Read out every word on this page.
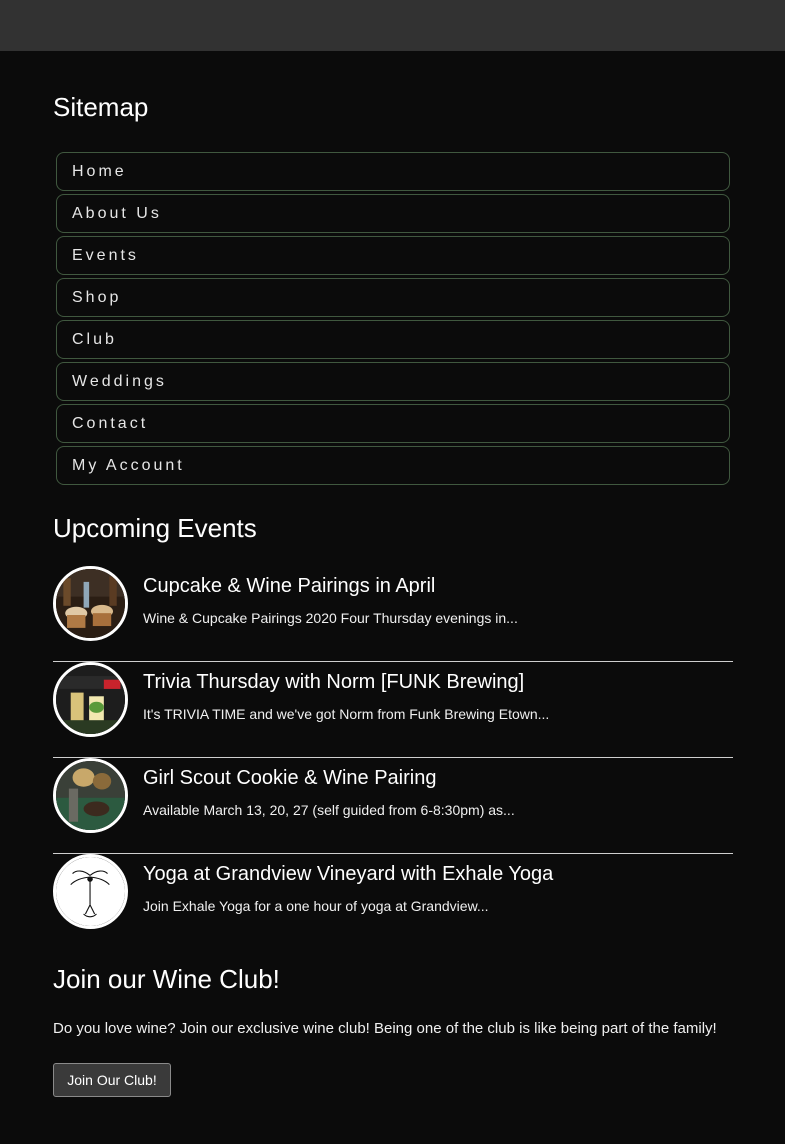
Sitemap
Home
About Us
Events
Shop
Club
Weddings
Contact
My Account
Upcoming Events
Cupcake & Wine Pairings in April
Wine & Cupcake Pairings 2020 Four Thursday evenings in...
Trivia Thursday with Norm [FUNK Brewing]
It's TRIVIA TIME and we've got Norm from Funk Brewing Etown...
Girl Scout Cookie & Wine Pairing
Available March 13, 20, 27 (self guided from 6-8:30pm) as...
Yoga at Grandview Vineyard with Exhale Yoga
Join Exhale Yoga for a one hour of yoga at Grandview...
Join our Wine Club!

Do you love wine? Join our exclusive wine club! Being one of the club is like being part of the family!

Join Our Club!
